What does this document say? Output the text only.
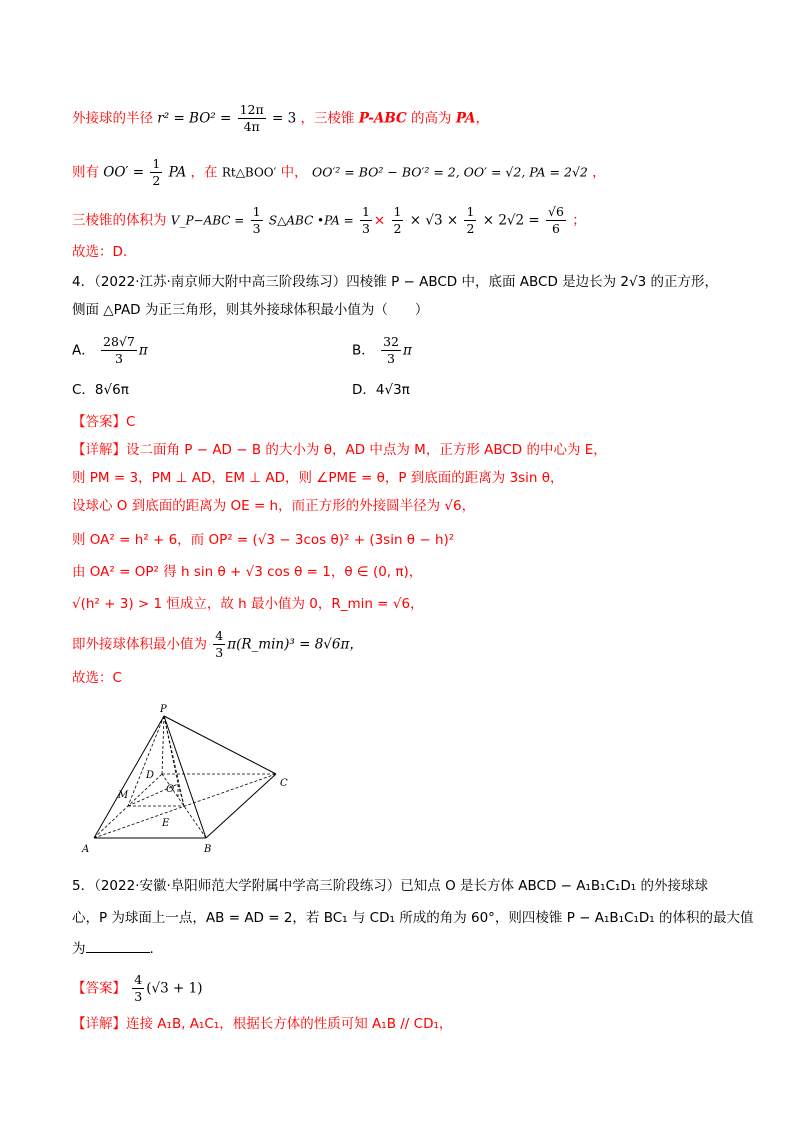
外接球的半径 $r^2 = BO^2 = \frac{12\pi}{4\pi} = 3$ ，三棱锥 P-ABC 的高为 PA，
则有 $OO' = \frac{1}{2}$ PA ，在 Rt△BOO′ 中， OO′² = BO² − BO′² = 2, OO′ = √2, PA = 2√2 ，
三棱锥的体积为 V_P−ABC = $\frac{1}{3}$ S△ABC •PA = $\frac{1}{3} \times \frac{1}{2} \times √3 \times \frac{1}{2} \times 2√2 = \frac{√6}{6}$ ；
故选：D.
4．（2022·江苏·南京师大附中高三阶段练习）四棱锥 P − ABCD 中，底面 ABCD 是边长为 2√3 的正方形，
侧面 △PAD 为正三角形，则其外接球体积最小值为（　　）
A． $\frac{28√7}{3}$ π	B． $\frac{32}{3}$ π
C．8√6π	D．4√3π
【答案】C
【详解】设二面角 P − AD − B 的大小为 θ，AD 中点为 M，正方形 ABCD 的中心为 E，
则 PM = 3，PM ⊥ AD，EM ⊥ AD，则 ∠PME = θ，P 到底面的距离为 3sin θ，
设球心 O 到底面的距离为 OE = h，而正方形的外接圆半径为 √6，
则 OA² = h² + 6，而 OP² = (√3 − 3cos θ)² + (3sin θ − h)²
由 OA² = OP² 得 h sin θ + √3 cos θ = 1，θ ∈ (0, π)，
√(h² + 3) > 1 恒成立，故 h 最小值为 0，R_min = √6，
即外接球体积最小值为 $\frac{4}{3}$ π(R_min)³ = 8√6π，
故选：C
P
D
C
M
O
E
A	B
5．（2022·安徽·阜阳师范大学附属中学高三阶段练习）已知点 O 是长方体 ABCD − A₁B₁C₁D₁ 的外接球球
心，P 为球面上一点，AB = AD = 2，若 BC₁ 与 CD₁ 所成的角为 60°，则四棱锥 P − A₁B₁C₁D₁ 的体积的最大值
为	.
【答案】 $\frac{4}{3} (√3 + 1)$
【详解】连接 A₁B, A₁C₁，根据长方体的性质可知 A₁B // CD₁，
